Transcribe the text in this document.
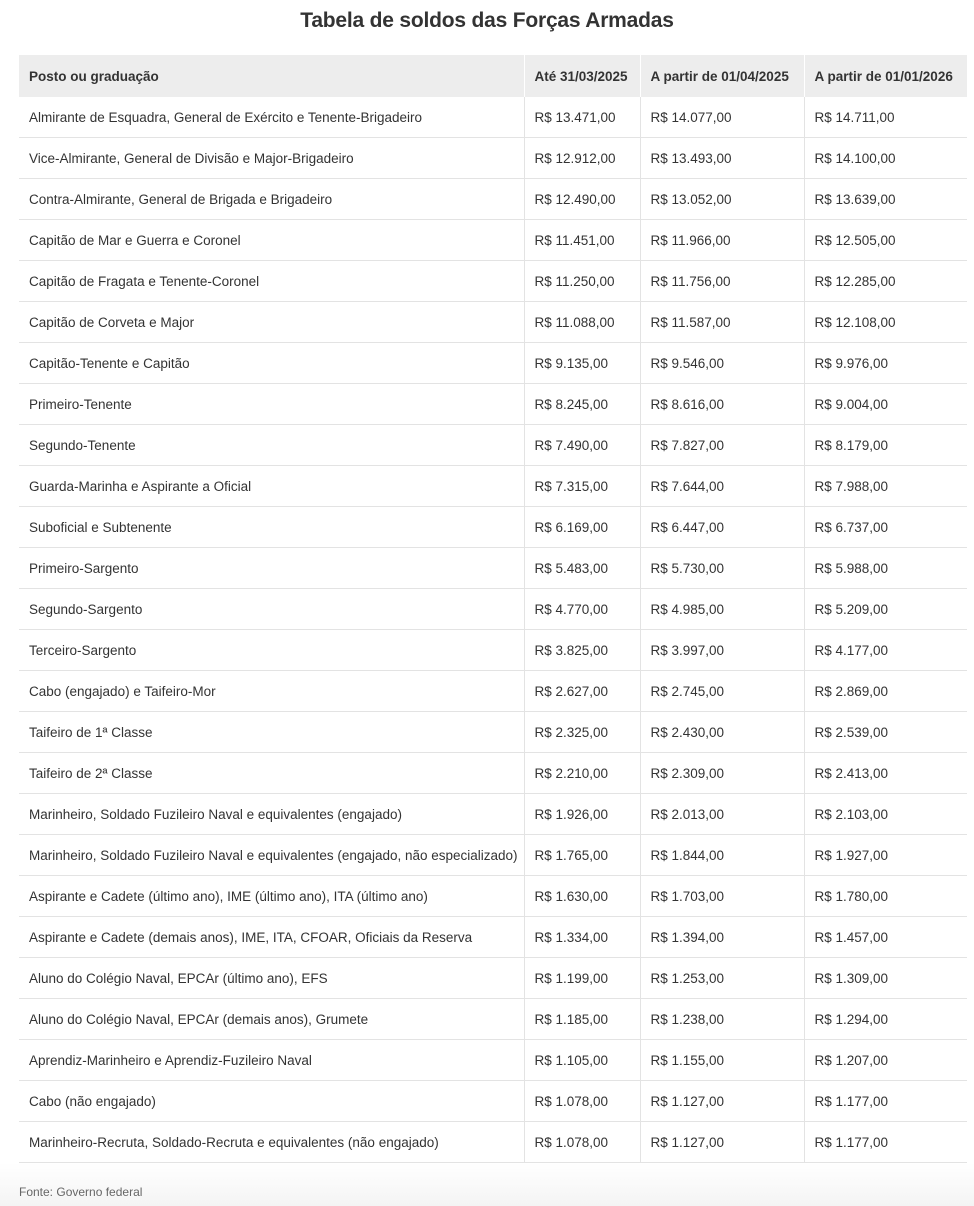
Tabela de soldos das Forças Armadas
Posto ou graduação	Até 31/03/2025	A partir de 01/04/2025	A partir de 01/01/2026
Almirante de Esquadra, General de Exército e Tenente-Brigadeiro	R$ 13.471,00	R$ 14.077,00	R$ 14.711,00
Vice-Almirante, General de Divisão e Major-Brigadeiro	R$ 12.912,00	R$ 13.493,00	R$ 14.100,00
Contra-Almirante, General de Brigada e Brigadeiro	R$ 12.490,00	R$ 13.052,00	R$ 13.639,00
Capitão de Mar e Guerra e Coronel	R$ 11.451,00	R$ 11.966,00	R$ 12.505,00
Capitão de Fragata e Tenente-Coronel	R$ 11.250,00	R$ 11.756,00	R$ 12.285,00
Capitão de Corveta e Major	R$ 11.088,00	R$ 11.587,00	R$ 12.108,00
Capitão-Tenente e Capitão	R$ 9.135,00	R$ 9.546,00	R$ 9.976,00
Primeiro-Tenente	R$ 8.245,00	R$ 8.616,00	R$ 9.004,00
Segundo-Tenente	R$ 7.490,00	R$ 7.827,00	R$ 8.179,00
Guarda-Marinha e Aspirante a Oficial	R$ 7.315,00	R$ 7.644,00	R$ 7.988,00
Suboficial e Subtenente	R$ 6.169,00	R$ 6.447,00	R$ 6.737,00
Primeiro-Sargento	R$ 5.483,00	R$ 5.730,00	R$ 5.988,00
Segundo-Sargento	R$ 4.770,00	R$ 4.985,00	R$ 5.209,00
Terceiro-Sargento	R$ 3.825,00	R$ 3.997,00	R$ 4.177,00
Cabo (engajado) e Taifeiro-Mor	R$ 2.627,00	R$ 2.745,00	R$ 2.869,00
Taifeiro de 1ª Classe	R$ 2.325,00	R$ 2.430,00	R$ 2.539,00
Taifeiro de 2ª Classe	R$ 2.210,00	R$ 2.309,00	R$ 2.413,00
Marinheiro, Soldado Fuzileiro Naval e equivalentes (engajado)	R$ 1.926,00	R$ 2.013,00	R$ 2.103,00
Marinheiro, Soldado Fuzileiro Naval e equivalentes (engajado, não especializado)	R$ 1.765,00	R$ 1.844,00	R$ 1.927,00
Aspirante e Cadete (último ano), IME (último ano), ITA (último ano)	R$ 1.630,00	R$ 1.703,00	R$ 1.780,00
Aspirante e Cadete (demais anos), IME, ITA, CFOAR, Oficiais da Reserva	R$ 1.334,00	R$ 1.394,00	R$ 1.457,00
Aluno do Colégio Naval, EPCAr (último ano), EFS	R$ 1.199,00	R$ 1.253,00	R$ 1.309,00
Aluno do Colégio Naval, EPCAr (demais anos), Grumete	R$ 1.185,00	R$ 1.238,00	R$ 1.294,00
Aprendiz-Marinheiro e Aprendiz-Fuzileiro Naval	R$ 1.105,00	R$ 1.155,00	R$ 1.207,00
Cabo (não engajado)	R$ 1.078,00	R$ 1.127,00	R$ 1.177,00
Marinheiro-Recruta, Soldado-Recruta e equivalentes (não engajado)	R$ 1.078,00	R$ 1.127,00	R$ 1.177,00
Fonte: Governo federal
